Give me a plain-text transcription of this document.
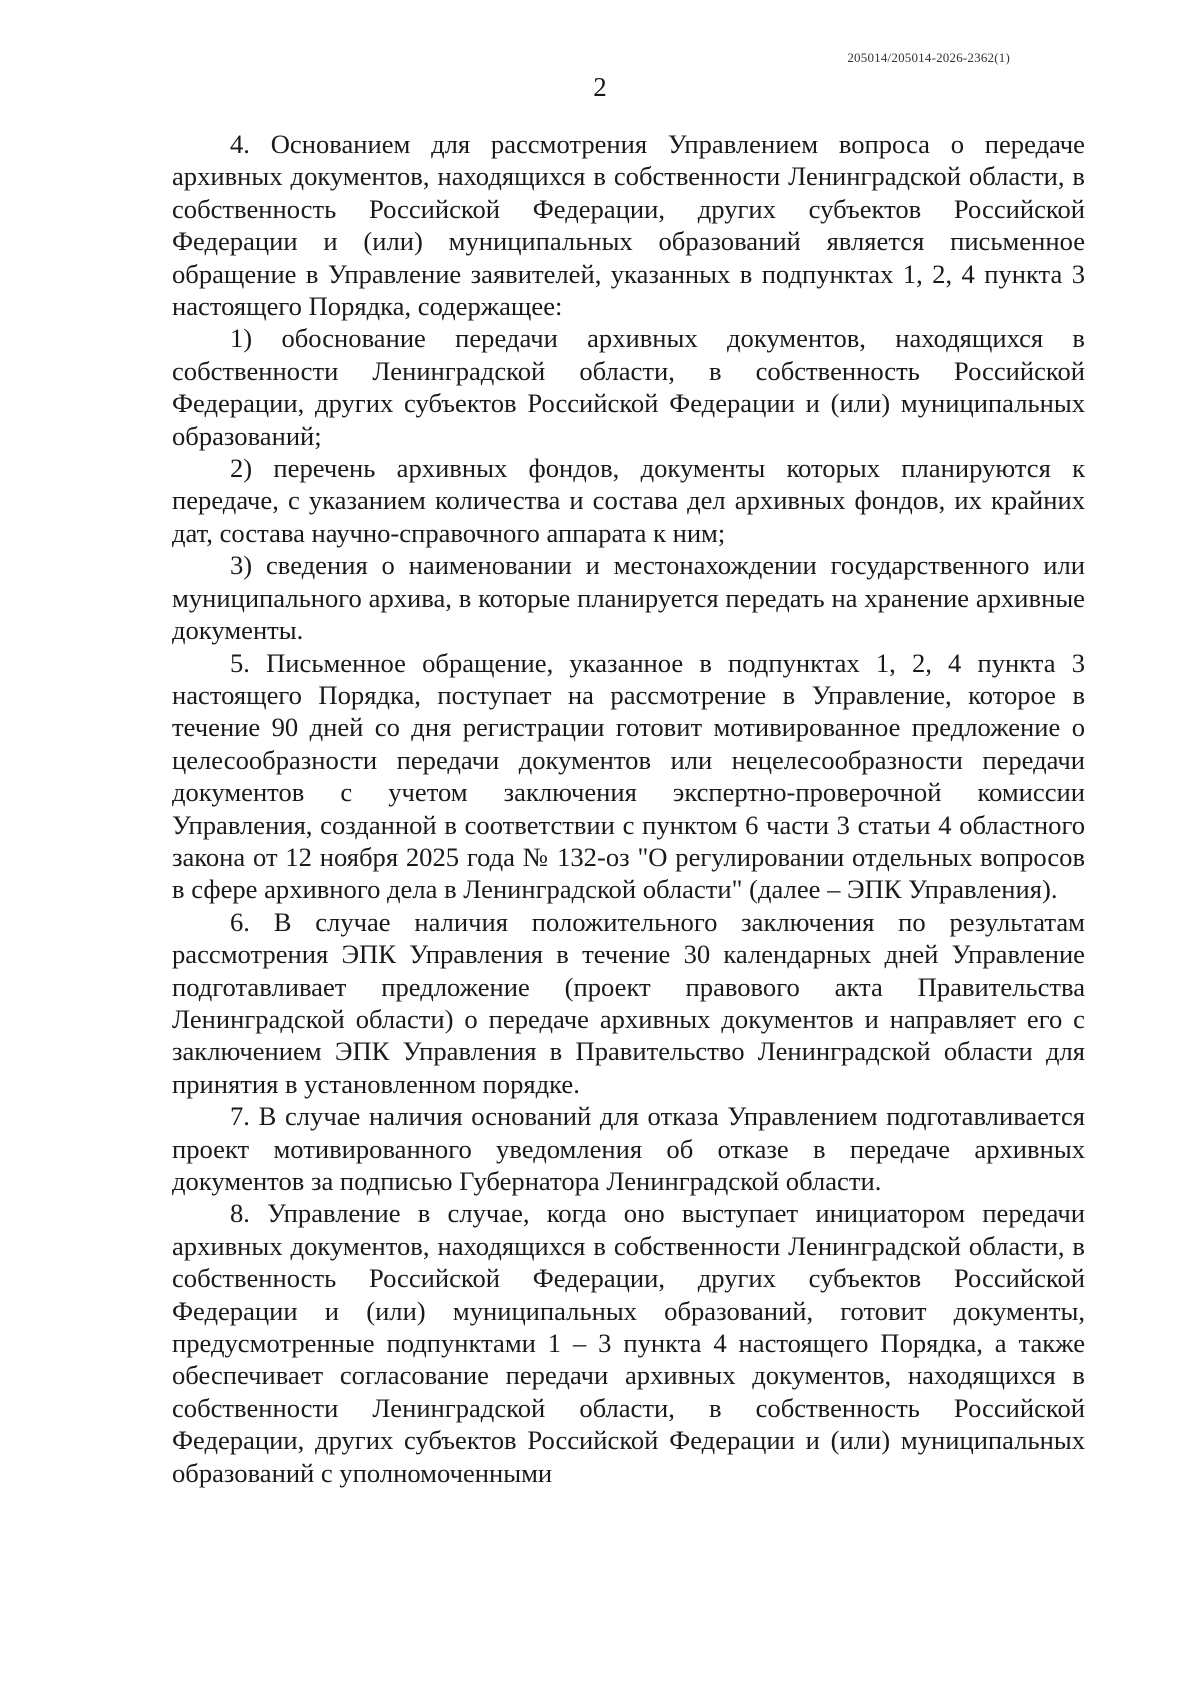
205014/205014-2026-2362(1)
2

4. Основанием для рассмотрения Управлением вопроса о передаче архивных документов, находящихся в собственности Ленинградской области, в собственность Российской Федерации, других субъектов Российской Федерации и (или) муниципальных образований является письменное обращение в Управление заявителей, указанных в подпунктах 1, 2, 4 пункта 3 настоящего Порядка, содержащее:

1) обоснование передачи архивных документов, находящихся в собственности Ленинградской области, в собственность Российской Федерации, других субъектов Российской Федерации и (или) муниципальных образований;

2) перечень архивных фондов, документы которых планируются к передаче, с указанием количества и состава дел архивных фондов, их крайних дат, состава научно-справочного аппарата к ним;

3) сведения о наименовании и местонахождении государственного или муниципального архива, в которые планируется передать на хранение архивные документы.

5. Письменное обращение, указанное в подпунктах 1, 2, 4 пункта 3 настоящего Порядка, поступает на рассмотрение в Управление, которое в течение 90 дней со дня регистрации готовит мотивированное предложение о целесообразности передачи документов или нецелесообразности передачи документов с учетом заключения экспертно-проверочной комиссии Управления, созданной в соответствии с пунктом 6 части 3 статьи 4 областного закона от 12 ноября 2025 года № 132-оз "О регулировании отдельных вопросов в сфере архивного дела в Ленинградской области" (далее – ЭПК Управления).

6. В случае наличия положительного заключения по результатам рассмотрения ЭПК Управления в течение 30 календарных дней Управление подготавливает предложение (проект правового акта Правительства Ленинградской области) о передаче архивных документов и направляет его с заключением ЭПК Управления в Правительство Ленинградской области для принятия в установленном порядке.

7. В случае наличия оснований для отказа Управлением подготавливается проект мотивированного уведомления об отказе в передаче архивных документов за подписью Губернатора Ленинградской области.

8. Управление в случае, когда оно выступает инициатором передачи архивных документов, находящихся в собственности Ленинградской области, в собственность Российской Федерации, других субъектов Российской Федерации и (или) муниципальных образований, готовит документы, предусмотренные подпунктами 1 – 3 пункта 4 настоящего Порядка, а также обеспечивает согласование передачи архивных документов, находящихся в собственности Ленинградской области, в собственность Российской Федерации, других субъектов Российской Федерации и (или) муниципальных образований с уполномоченными
